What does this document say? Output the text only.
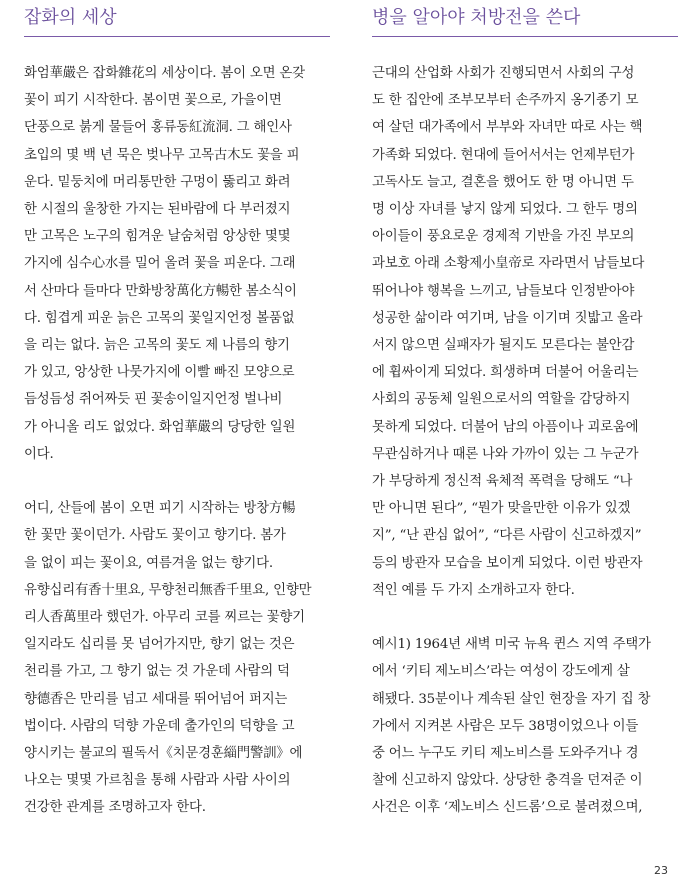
잡화의 세상	병을 알아야 처방전을 쓴다

화엄華嚴은 잡화雜花의 세상이다. 봄이 오면 온갖
꽃이 피기 시작한다. 봄이면 꽃으로, 가을이면
단풍으로 붉게 물들어 홍류동紅流洞. 그 해인사
초입의 몇 백 년 묵은 벚나무 고목古木도 꽃을 피
운다. 밑둥치에 머리통만한 구멍이 뚫리고 화려
한 시절의 울창한 가지는 된바람에 다 부러졌지
만 고목은 노구의 힘겨운 날숨처럼 앙상한 몇몇
가지에 심수心水를 밀어 올려 꽃을 피운다. 그래
서 산마다 들마다 만화방창萬化方暢한 봄소식이
다. 힘겹게 피운 늙은 고목의 꽃일지언정 볼품없
을 리는 없다. 늙은 고목의 꽃도 제 나름의 향기
가 있고, 앙상한 나뭇가지에 이빨 빠진 모양으로
듬성듬성 쥐어짜듯 핀 꽃송이일지언정 벌나비
가 아니올 리도 없었다. 화엄華嚴의 당당한 일원
이다.

어디, 산들에 봄이 오면 피기 시작하는 방창方暢
한 꽃만 꽃이던가. 사람도 꽃이고 향기다. 봄가
을 없이 피는 꽃이요, 여름겨울 없는 향기다.
유향십리有香十里요, 무향천리無香千里요, 인향만
리人香萬里라 했던가. 아무리 코를 찌르는 꽃향기
일지라도 십리를 못 넘어가지만, 향기 없는 것은
천리를 가고, 그 향기 없는 것 가운데 사람의 덕
향德香은 만리를 넘고 세대를 뛰어넘어 퍼지는
법이다. 사람의 덕향 가운데 출가인의 덕향을 고
양시키는 불교의 필독서《치문경훈緇門警訓》에
나오는 몇몇 가르침을 통해 사람과 사람 사이의
건강한 관계를 조명하고자 한다.

근대의 산업화 사회가 진행되면서 사회의 구성
도 한 집안에 조부모부터 손주까지 옹기종기 모
여 살던 대가족에서 부부와 자녀만 따로 사는 핵
가족화 되었다. 현대에 들어서서는 언제부턴가
고독사도 늘고, 결혼을 했어도 한 명 아니면 두
명 이상 자녀를 낳지 않게 되었다. 그 한두 명의
아이들이 풍요로운 경제적 기반을 가진 부모의
과보호 아래 소황제小皇帝로 자라면서 남들보다
뛰어나야 행복을 느끼고, 남들보다 인정받아야
성공한 삶이라 여기며, 남을 이기며 짓밟고 올라
서지 않으면 실패자가 될지도 모른다는 불안감
에 휩싸이게 되었다. 희생하며 더불어 어울리는
사회의 공동체 일원으로서의 역할을 감당하지
못하게 되었다. 더불어 남의 아픔이나 괴로움에
무관심하거나 때론 나와 가까이 있는 그 누군가
가 부당하게 정신적 육체적 폭력을 당해도 “나
만 아니면 된다”, “뭔가 맞을만한 이유가 있겠
지”, “난 관심 없어”, “다른 사람이 신고하겠지”
등의 방관자 모습을 보이게 되었다. 이런 방관자
적인 예를 두 가지 소개하고자 한다.

예시1) 1964년 새벽 미국 뉴욕 퀸스 지역 주택가
에서 ‘키티 제노비스’라는 여성이 강도에게 살
해됐다. 35분이나 계속된 살인 현장을 자기 집 창
가에서 지켜본 사람은 모두 38명이었으나 이들
중 어느 누구도 키티 제노비스를 도와주거나 경
찰에 신고하지 않았다. 상당한 충격을 던져준 이
사건은 이후 ‘제노비스 신드롬’으로 불려졌으며,

23
